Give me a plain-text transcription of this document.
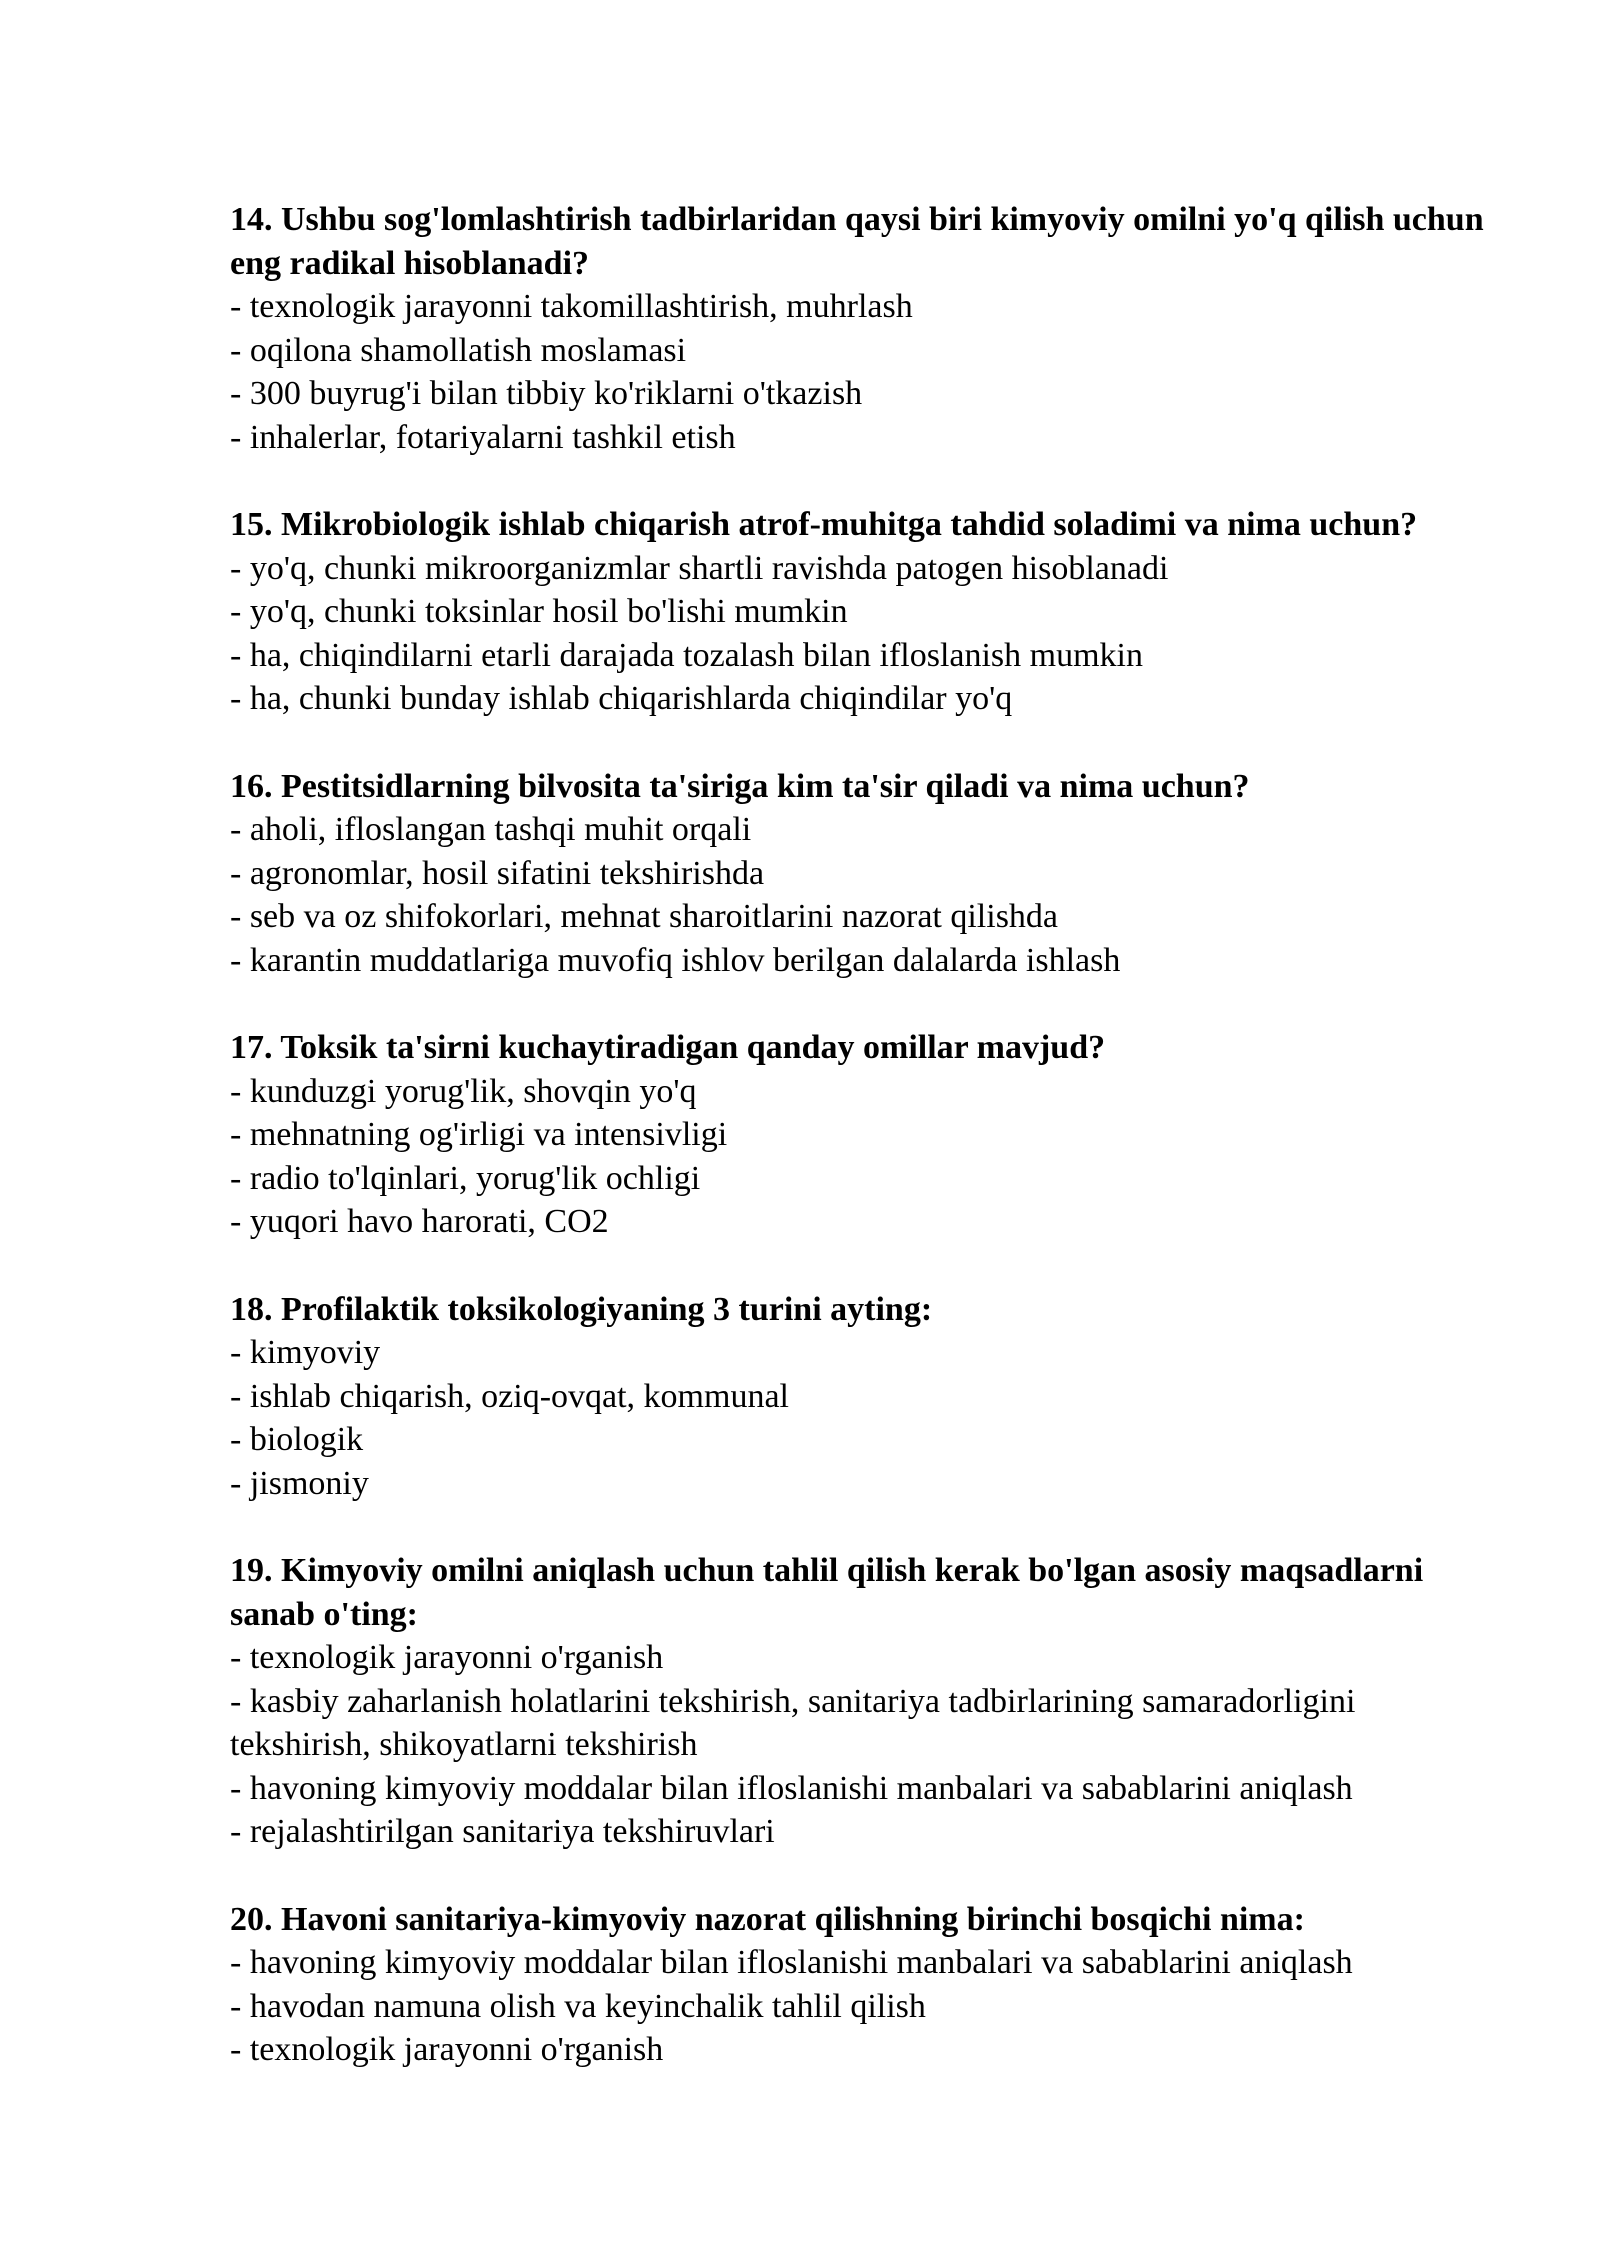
14. Ushbu sog'lomlashtirish tadbirlaridan qaysi biri kimyoviy omilni yo'q qilish uchun eng radikal hisoblanadi?

- texnologik jarayonni takomillashtirish, muhrlash
- oqilona shamollatish moslamasi
- 300 buyrug'i bilan tibbiy ko'riklarni o'tkazish
- inhalerlar, fotariyalarni tashkil etish

15. Mikrobiologik ishlab chiqarish atrof-muhitga tahdid soladimi va nima uchun?

- yo'q, chunki mikroorganizmlar shartli ravishda patogen hisoblanadi
- yo'q, chunki toksinlar hosil bo'lishi mumkin
- ha, chiqindilarni etarli darajada tozalash bilan ifloslanish mumkin
- ha, chunki bunday ishlab chiqarishlarda chiqindilar yo'q

16. Pestitsidlarning bilvosita ta'siriga kim ta'sir qiladi va nima uchun?

- aholi, ifloslangan tashqi muhit orqali
- agronomlar, hosil sifatini tekshirishda
- seb va oz shifokorlari, mehnat sharoitlarini nazorat qilishda
- karantin muddatlariga muvofiq ishlov berilgan dalalarda ishlash

17. Toksik ta'sirni kuchaytiradigan qanday omillar mavjud?

- kunduzgi yorug'lik, shovqin yo'q
- mehnatning og'irligi va intensivligi
- radio to'lqinlari, yorug'lik ochligi
- yuqori havo harorati, CO2

18. Profilaktik toksikologiyaning 3 turini ayting:

- kimyoviy
- ishlab chiqarish, oziq-ovqat, kommunal
- biologik
- jismoniy

19. Kimyoviy omilni aniqlash uchun tahlil qilish kerak bo'lgan asosiy maqsadlarni sanab o'ting:

- texnologik jarayonni o'rganish
- kasbiy zaharlanish holatlarini tekshirish, sanitariya tadbirlarining samaradorligini tekshirish, shikoyatlarni tekshirish
- havoning kimyoviy moddalar bilan ifloslanishi manbalari va sabablarini aniqlash
- rejalashtirilgan sanitariya tekshiruvlari

20. Havoni sanitariya-kimyoviy nazorat qilishning birinchi bosqichi nima:

- havoning kimyoviy moddalar bilan ifloslanishi manbalari va sabablarini aniqlash
- havodan namuna olish va keyinchalik tahlil qilish
- texnologik jarayonni o'rganish
